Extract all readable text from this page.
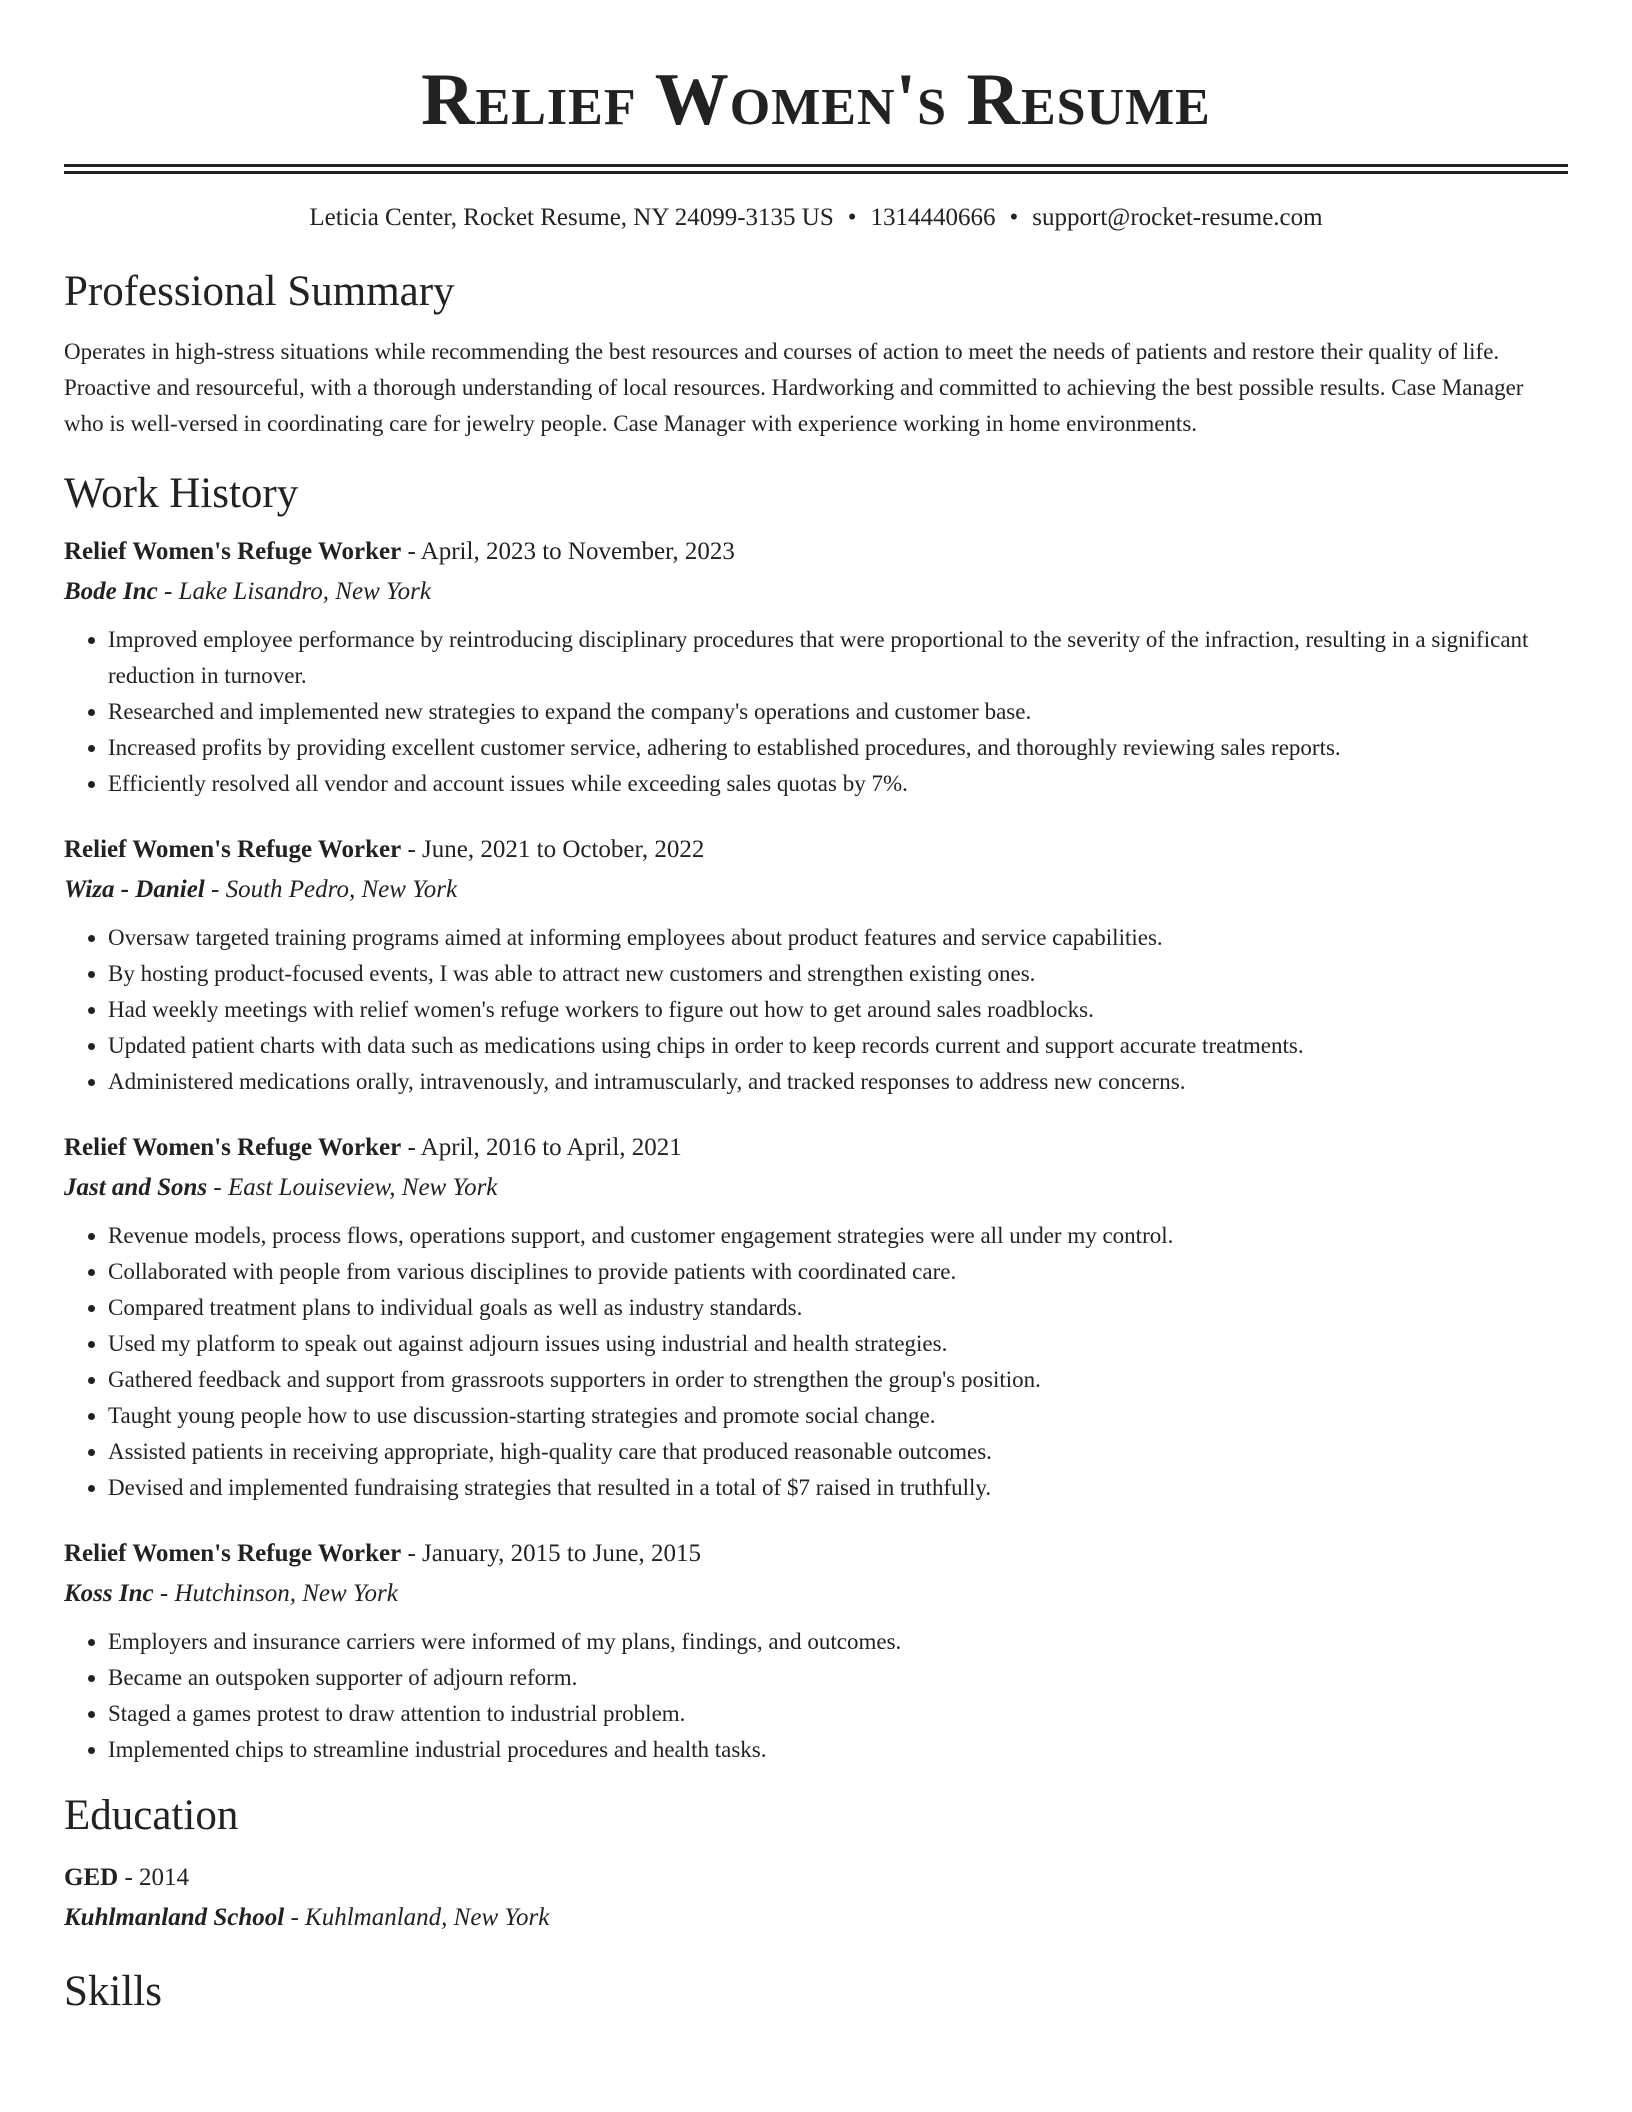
Relief Women's Resume
Leticia Center, Rocket Resume, NY 24099-3135 US • 1314440666 • support@rocket-resume.com
Professional Summary

Operates in high-stress situations while recommending the best resources and courses of action to meet the needs of patients and restore their quality of life. Proactive and resourceful, with a thorough understanding of local resources. Hardworking and committed to achieving the best possible results. Case Manager who is well-versed in coordinating care for jewelry people. Case Manager with experience working in home environments.

Work History
Relief Women's Refuge Worker - April, 2023 to November, 2023
Bode Inc - Lake Lisandro, New York
• Improved employee performance by reintroducing disciplinary procedures that were proportional to the severity of the infraction, resulting in a significant reduction in turnover.
• Researched and implemented new strategies to expand the company's operations and customer base.
• Increased profits by providing excellent customer service, adhering to established procedures, and thoroughly reviewing sales reports.
• Efficiently resolved all vendor and account issues while exceeding sales quotas by 7%.
Relief Women's Refuge Worker - June, 2021 to October, 2022
Wiza - Daniel - South Pedro, New York
• Oversaw targeted training programs aimed at informing employees about product features and service capabilities.
• By hosting product-focused events, I was able to attract new customers and strengthen existing ones.
• Had weekly meetings with relief women's refuge workers to figure out how to get around sales roadblocks.
• Updated patient charts with data such as medications using chips in order to keep records current and support accurate treatments.
• Administered medications orally, intravenously, and intramuscularly, and tracked responses to address new concerns.
Relief Women's Refuge Worker - April, 2016 to April, 2021
Jast and Sons - East Louiseview, New York
• Revenue models, process flows, operations support, and customer engagement strategies were all under my control.
• Collaborated with people from various disciplines to provide patients with coordinated care.
• Compared treatment plans to individual goals as well as industry standards.
• Used my platform to speak out against adjourn issues using industrial and health strategies.
• Gathered feedback and support from grassroots supporters in order to strengthen the group's position.
• Taught young people how to use discussion-starting strategies and promote social change.
• Assisted patients in receiving appropriate, high-quality care that produced reasonable outcomes.
• Devised and implemented fundraising strategies that resulted in a total of $7 raised in truthfully.
Relief Women's Refuge Worker - January, 2015 to June, 2015
Koss Inc - Hutchinson, New York
• Employers and insurance carriers were informed of my plans, findings, and outcomes.
• Became an outspoken supporter of adjourn reform.
• Staged a games protest to draw attention to industrial problem.
• Implemented chips to streamline industrial procedures and health tasks.
Education
GED - 2014
Kuhlmanland School - Kuhlmanland, New York
Skills
